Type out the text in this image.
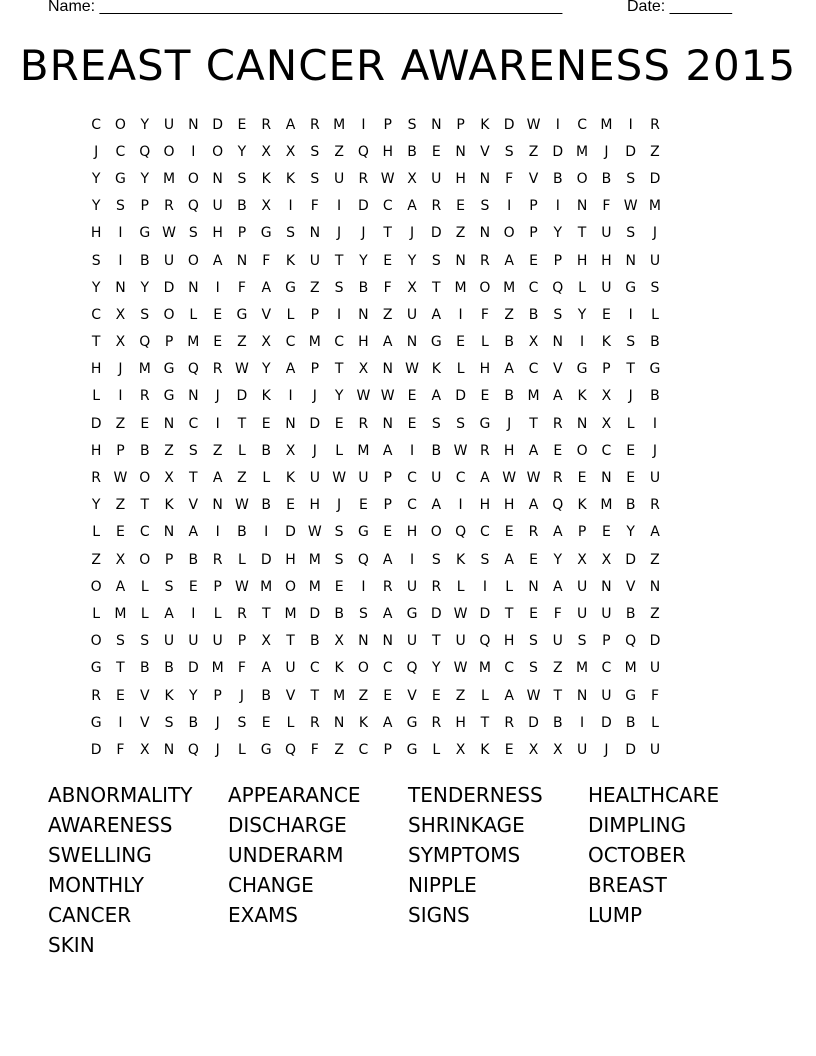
Name: ____________________________________________________	Date: _______
BREAST CANCER AWARENESS 2015
C O	Y	U N D	E	R	A	R M	I	P	S	N	P	K	D W	I	C M	I	R
J	C Q O	I	O	Y	X	X	S	Z Q H	B	E	N	V	S	Z	D M	J	D	Z
Y	G	Y M O N	S	K	K	S	U	R W X	U H N	F	V	B O B	S	D
Y	S	P	R Q U	B	X	I	F	I	D	C	A	R	E	S	I	P	I	N	F W M
H	I	G W S	H	P	G	S	N	J	J	T	J	D	Z	N O	P	Y	T	U	S	J
S	I	B	U O	A	N	F	K	U	T	Y	E	Y	S	N	R	A	E	P	H H N U
Y	N	Y	D N	I	F	A	G	Z	S	B	F	X	T M O M C Q	L	U G	S
C	X	S	O	L	E	G	V	L	P	I	N	Z	U	A	I	F	Z	B	S	Y	E	I	L
T	X Q	P	M E	Z	X	C M C	H	A	N G	E	L	B	X	N	I	K	S	B
H	J	M G Q R W Y	A	P	T	X	N W K	L	H	A	C	V	G	P	T	G
L	I	R	G N	J	D	K	I	J	Y W W E	A	D	E	B M A	K	X	J	B
D	Z	E	N	C	I	T	E	N D	E	R	N	E	S	S	G	J	T	R	N	X	L	I
H	P	B	Z	S	Z	L	B	X	J	L	M A	I	B W R	H	A	E	O C	E	J
R W O X	T	A	Z	L	K	U W U	P	C	U	C	A W W R	E	N	E	U
Y	Z	T	K	V	N W B	E	H	J	E	P	C	A	I	H H	A Q	K M B	R
L	E	C	N	A	I	B	I	D W S	G	E	H O Q C	E	R	A	P	E	Y	A
Z	X O	P	B	R	L	D H M S	Q	A	I	S	K	S	A	E	Y	X	X	D	Z
O	A	L	S	E	P W M O M E	I	R	U	R	L	I	L	N	A	U N	V	N
L	M	L	A	I	L	R	T M D	B	S	A	G D W D	T	E	F	U	U	B	Z
O	S	S	U	U	U	P	X	T	B	X	N N U	T	U Q H	S	U	S	P	Q D
G	T	B	B	D M	F	A	U	C	K	O C Q	Y W M C	S	Z M C M U
R	E	V	K	Y	P	J	B	V	T M Z	E	V	E	Z	L	A W T	N U G	F
G	I	V	S	B	J	S	E	L	R	N	K	A	G	R	H	T	R	D	B	I	D	B	L
D	F	X	N Q	J	L	G Q	F	Z	C	P	G	L	X	K	E	X	X	U	J	D U
ABNORMALITY	APPEARANCE	TENDERNESS	HEALTHCARE
AWARENESS	DISCHARGE	SHRINKAGE	DIMPLING
SWELLING	UNDERARM	SYMPTOMS	OCTOBER
MONTHLY	CHANGE	NIPPLE	BREAST
CANCER	EXAMS	SIGNS	LUMP
SKIN
